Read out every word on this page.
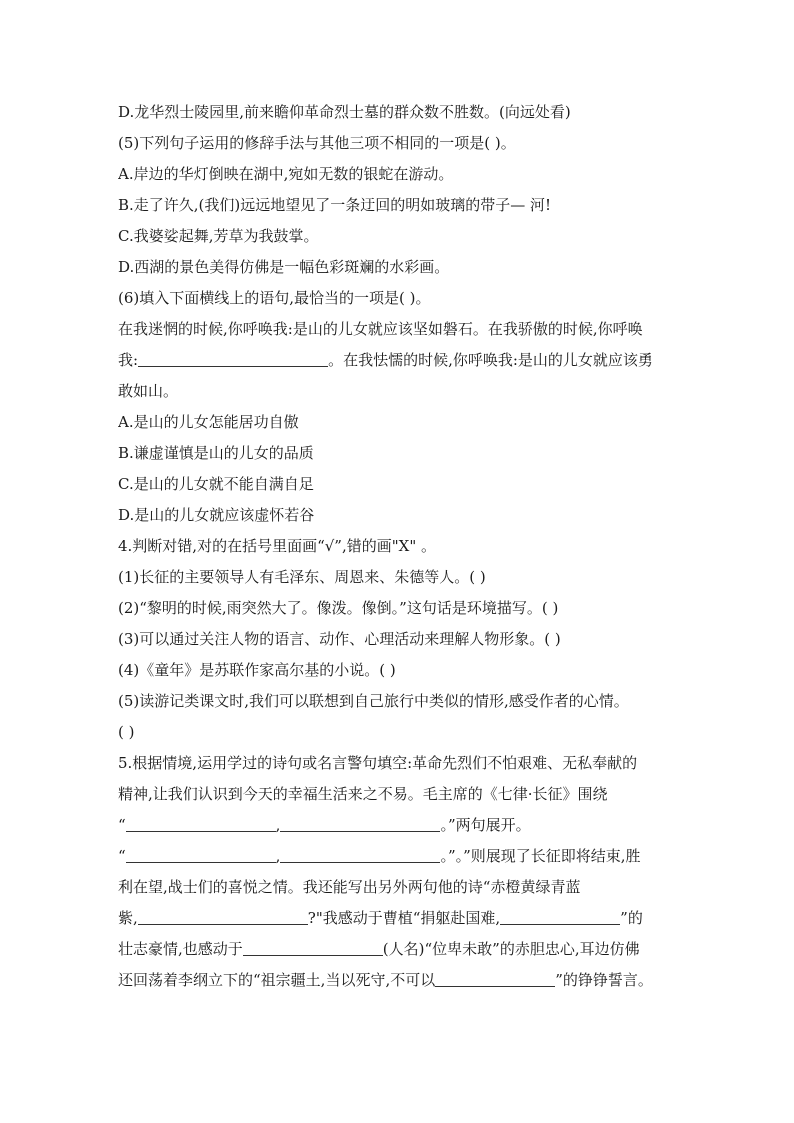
D.龙华烈士陵园里,前来瞻仰革命烈士墓的群众数不胜数。(向远处看)
(5)下列句子运用的修辞手法与其他三项不相同的一项是( )。
A.岸边的华灯倒映在湖中,宛如无数的银蛇在游动。
B.走了许久,(我们)远远地望见了一条迂回的明如玻璃的带子— 河!
C.我婆娑起舞,芳草为我鼓掌。
D.西湖的景色美得仿佛是一幅色彩斑斓的水彩画。
(6)填入下面横线上的语句,最恰当的一项是( )。
在我迷惘的时候,你呼唤我:是山的儿女就应该坚如磐石。在我骄傲的时候,你呼唤
我:	。在我怯懦的时候,你呼唤我:是山的儿女就应该勇
敢如山。
A.是山的儿女怎能居功自傲
B.谦虚谨慎是山的儿女的品质
C.是山的儿女就不能自满自足
D.是山的儿女就应该虚怀若谷
4.判断对错,对的在括号里面画“√”,错的画"X" 。
(1)长征的主要领导人有毛泽东、周恩来、朱德等人。( )
(2)“黎明的时候,雨突然大了。像泼。像倒。”这句话是环境描写。( )
(3)可以通过关注人物的语言、动作、心理活动来理解人物形象。( )
(4)《童年》是苏联作家高尔基的小说。( )
(5)读游记类课文时,我们可以联想到自己旅行中类似的情形,感受作者的心情。
( )
5.根据情境,运用学过的诗句或名言警句填空:革命先烈们不怕艰难、无私奉献的
精神,让我们认识到今天的幸福生活来之不易。毛主席的《七律·长征》围绕
“	,	。”两句展开。
“	,	。”。”则展现了长征即将结束,胜
利在望,战士们的喜悦之情。我还能写出另外两句他的诗“赤橙黄绿青蓝
紫,	?"我感动于曹植“捐躯赴国难,	”的
壮志豪情,也感动于	(人名)“位卑未敢”的赤胆忠心,耳边仿佛
还回荡着李纲立下的“祖宗疆土,当以死守,不可以	”的铮铮誓言。
